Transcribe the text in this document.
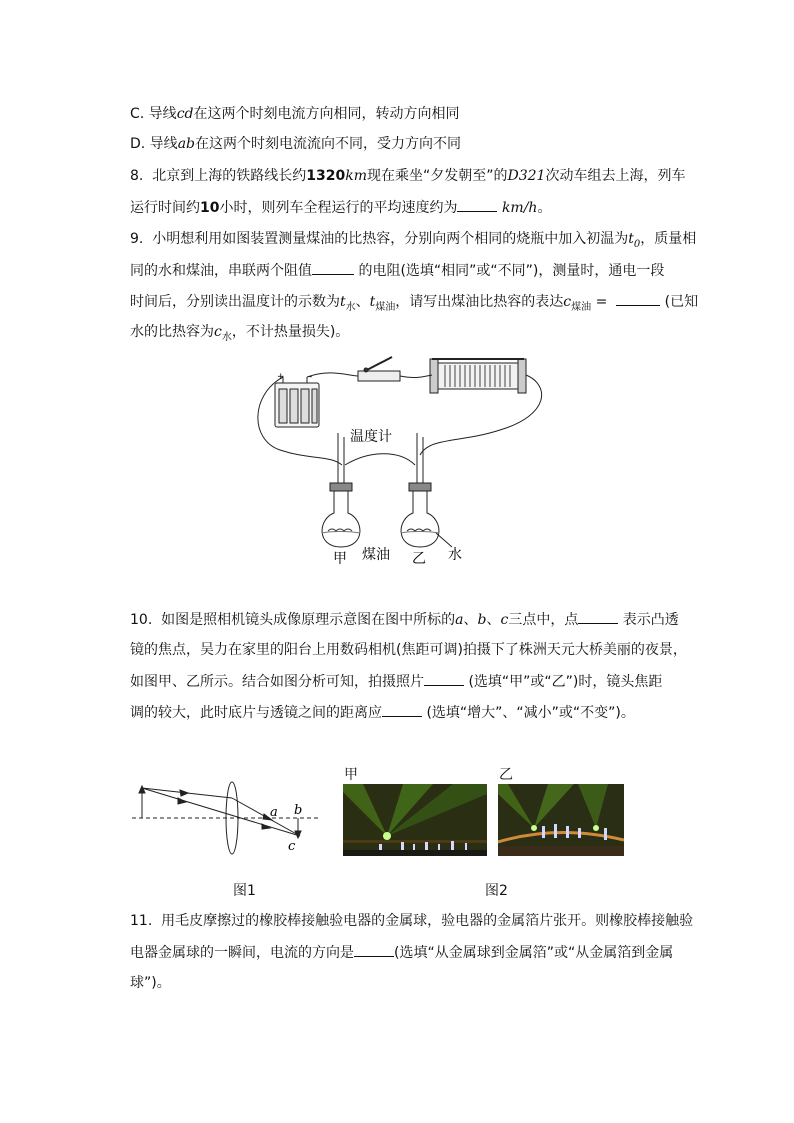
C. 导线cd在这两个时刻电流方向相同，转动方向相同
D. 导线ab在这两个时刻电流流向不同，受力方向不同
8. 北京到上海的铁路线长约1320km现在乘坐“夕发朝至”的D321次动车组去上海，列车
运行时间约10小时，则列车全程运行的平均速度约为	km/h。
9. 小明想利用如图装置测量煤油的比热容，分别向两个相同的烧瓶中加入初温为$t_0$，质量相
同的水和煤油，串联两个阻值	的电阻(选填“相同”或“不同”)，测量时，通电一段
时间后，分别读出温度计的示数为$t_水$、$t_{煤油}$，请写出煤油比热容的表达$c_{煤油}$ =	(已知
水的比热容为$c_水$，不计热量损失)。
+	-
温度计
甲 煤油 乙 水
10. 如图是照相机镜头成像原理示意图在图中所标的a、b、c三点中，点	表示凸透
镜的焦点，吴力在家里的阳台上用数码相机(焦距可调)拍摄下了株洲天元大桥美丽的夜景，
如图甲、乙所示。结合如图分析可知，拍摄照片	(选填“甲”或“乙”)时，镜头焦距
调的较大，此时底片与透镜之间的距离应	(选填“增大”、“减小”或“不变”)。
a b
c
图1
甲	乙
图2
11. 用毛皮摩擦过的橡胶棒接触验电器的金属球，验电器的金属箔片张开。则橡胶棒接触验
电器金属球的一瞬间，电流的方向是	(选填“从金属球到金属箔”或“从金属箔到金属
球”)。
